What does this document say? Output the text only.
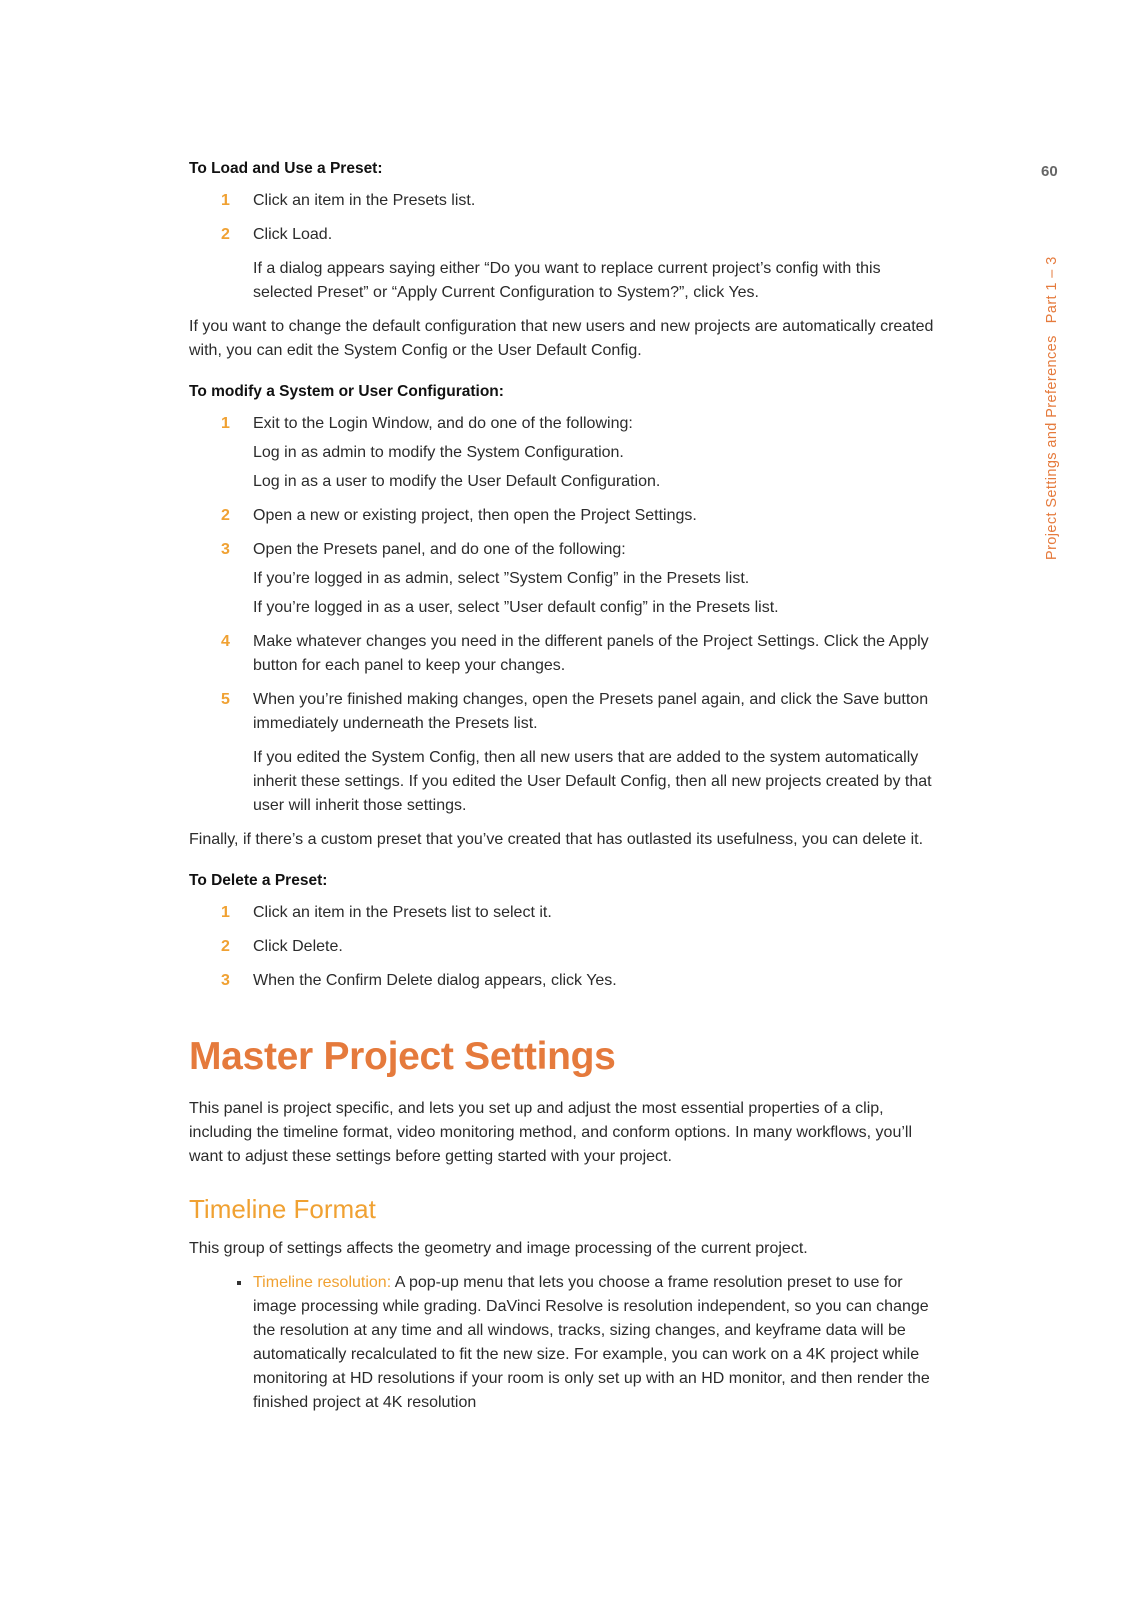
60
Project Settings and PreferencesPart 1 – 3
To Load and Use a Preset:
1	Click an item in the Presets list.
2	Click Load.
If a dialog appears saying either “Do you want to replace current project’s config with this selected Preset” or “Apply Current Configuration to System?”, click Yes.

If you want to change the default configuration that new users and new projects are automatically created with, you can edit the System Config or the User Default Config.

To modify a System or User Configuration:
1	Exit to the Login Window, and do one of the following:
Log in as admin to modify the System Configuration.
Log in as a user to modify the User Default Configuration.
2	Open a new or existing project, then open the Project Settings.
3	Open the Presets panel, and do one of the following:
If you’re logged in as admin, select ”System Config” in the Presets list.
If you’re logged in as a user, select ”User default config” in the Presets list.
4	Make whatever changes you need in the different panels of the Project Settings. Click the Apply button for each panel to keep your changes.
5	When you’re finished making changes, open the Presets panel again, and click the Save button immediately underneath the Presets list.
If you edited the System Config, then all new users that are added to the system automatically inherit these settings. If you edited the User Default Config, then all new projects created by that user will inherit those settings.

Finally, if there’s a custom preset that you’ve created that has outlasted its usefulness, you can delete it.

To Delete a Preset:
1	Click an item in the Presets list to select it.
2	Click Delete.
3	When the Confirm Delete dialog appears, click Yes.
Master Project Settings

This panel is project specific, and lets you set up and adjust the most essential properties of a clip, including the timeline format, video monitoring method, and conform options. In many workflows, you’ll want to adjust these settings before getting started with your project.

Timeline Format

This group of settings affects the geometry and image processing of the current project.

Timeline resolution: A pop-up menu that lets you choose a frame resolution preset to use for image processing while grading. DaVinci Resolve is resolution independent, so you can change the resolution at any time and all windows, tracks, sizing changes, and keyframe data will be automatically recalculated to fit the new size. For example, you can work on a 4K project while monitoring at HD resolutions if your room is only set up with an HD monitor, and then render the finished project at 4K resolution
